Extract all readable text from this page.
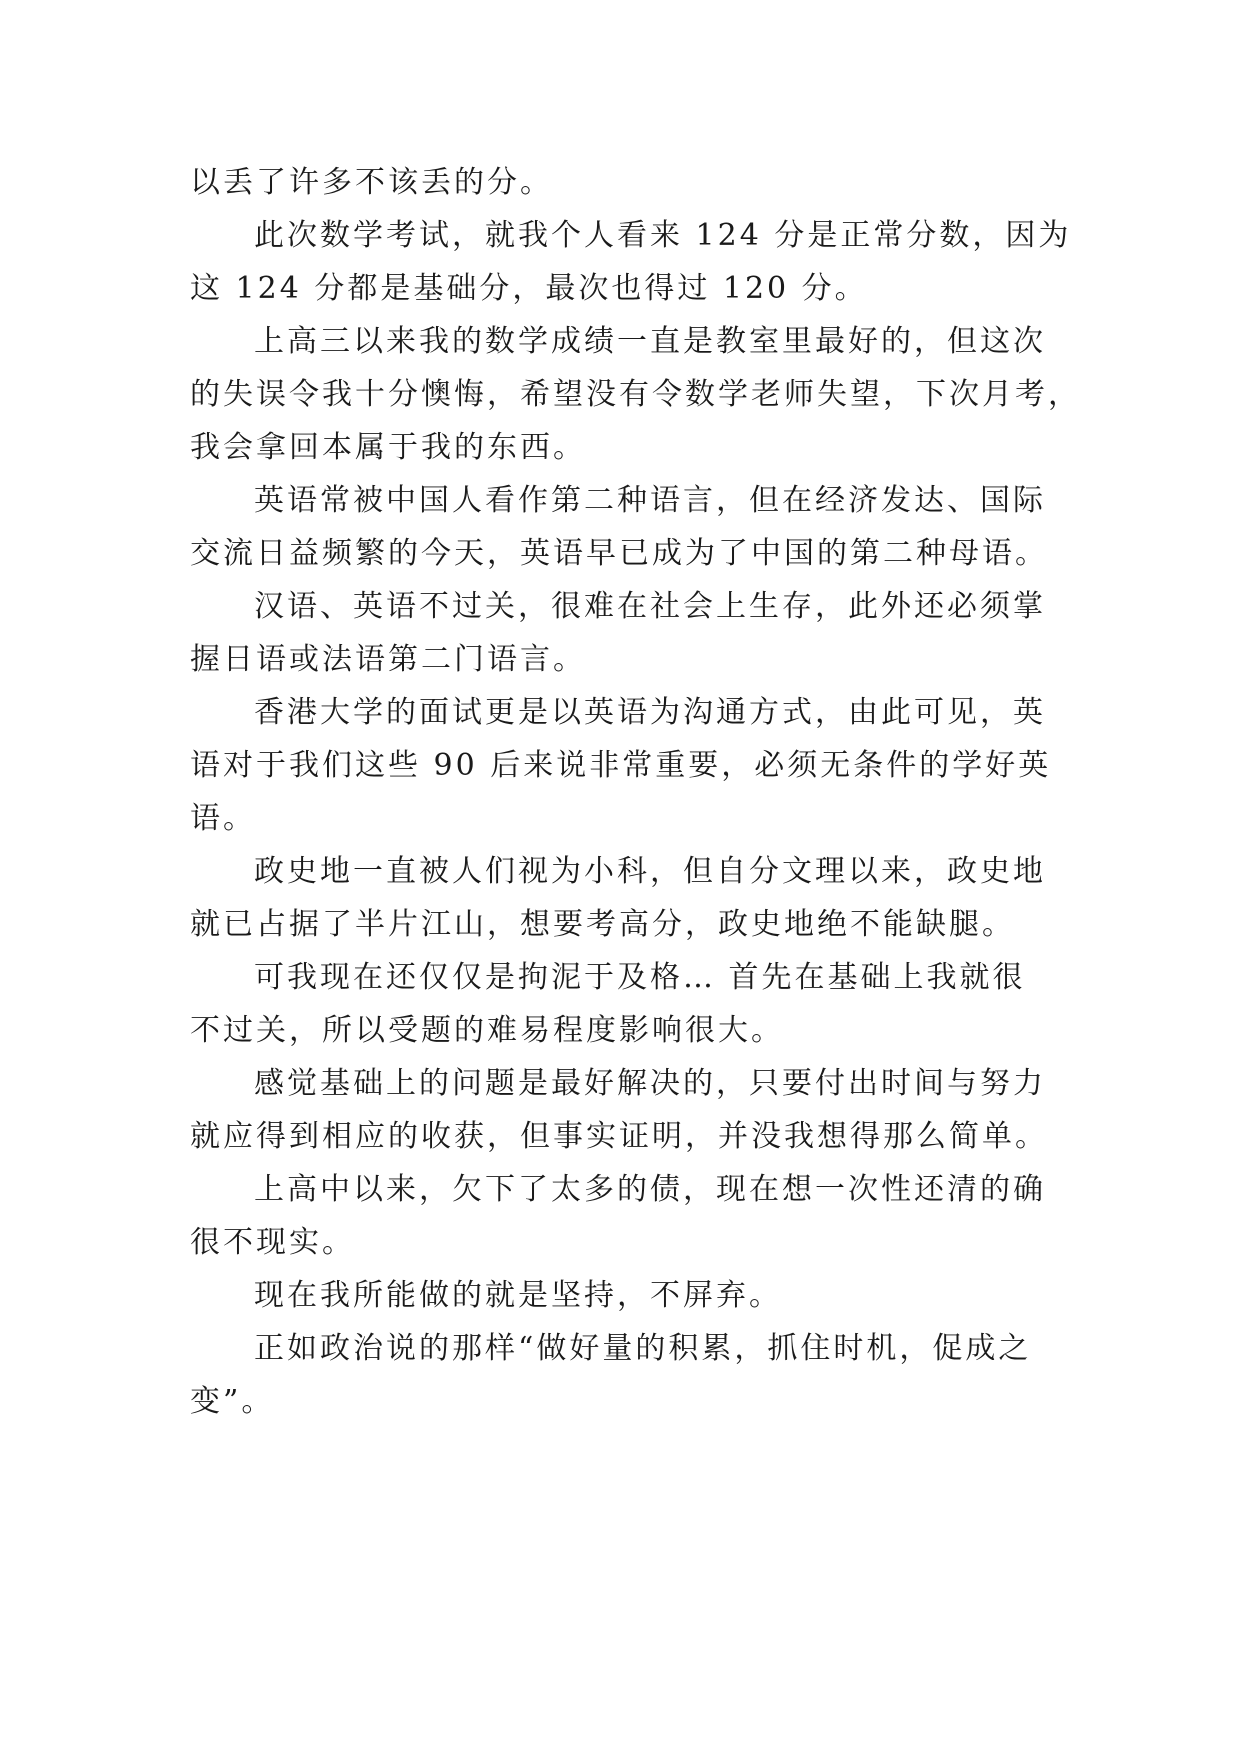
以丢了许多不该丢的分。
此次数学考试，就我个人看来 124 分是正常分数，因为
这 124 分都是基础分，最次也得过 120 分。
上高三以来我的数学成绩一直是教室里最好的，但这次
的失误令我十分懊悔，希望没有令数学老师失望，下次月考，
我会拿回本属于我的东西。
英语常被中国人看作第二种语言，但在经济发达、国际
交流日益频繁的今天，英语早已成为了中国的第二种母语。
汉语、英语不过关，很难在社会上生存，此外还必须掌
握日语或法语第二门语言。
香港大学的面试更是以英语为沟通方式，由此可见，英
语对于我们这些 90 后来说非常重要，必须无条件的学好英
语。
政史地一直被人们视为小科，但自分文理以来，政史地
就已占据了半片江山，想要考高分，政史地绝不能缺腿。
可我现在还仅仅是拘泥于及格… 首先在基础上我就很
不过关，所以受题的难易程度影响很大。
感觉基础上的问题是最好解决的，只要付出时间与努力
就应得到相应的收获，但事实证明，并没我想得那么简单。
上高中以来，欠下了太多的债，现在想一次性还清的确
很不现实。
现在我所能做的就是坚持，不屏弃。
正如政治说的那样“做好量的积累，抓住时机，促成之
变”。
